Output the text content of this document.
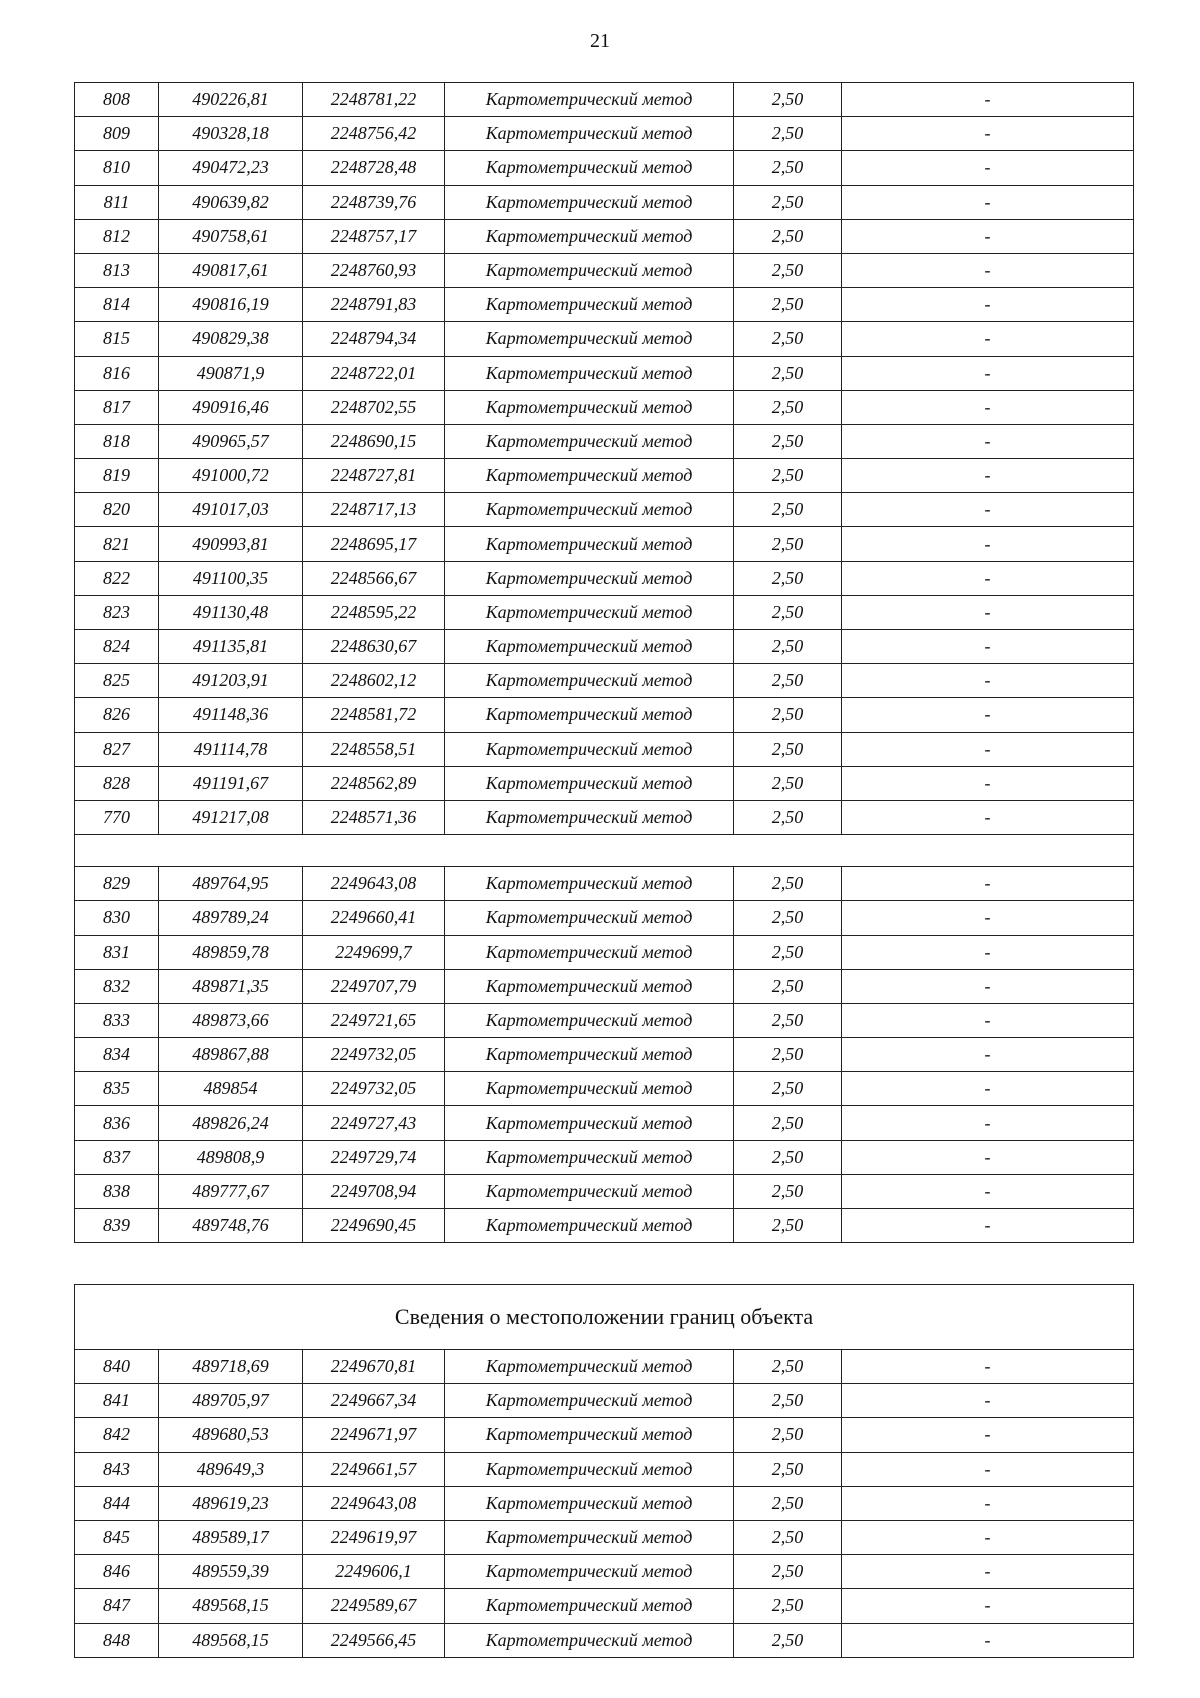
21
808	490226,81	2248781,22	Картометрический метод	2,50	-
809	490328,18	2248756,42	Картометрический метод	2,50	-
810	490472,23	2248728,48	Картометрический метод	2,50	-
811	490639,82	2248739,76	Картометрический метод	2,50	-
812	490758,61	2248757,17	Картометрический метод	2,50	-
813	490817,61	2248760,93	Картометрический метод	2,50	-
814	490816,19	2248791,83	Картометрический метод	2,50	-
815	490829,38	2248794,34	Картометрический метод	2,50	-
816	490871,9	2248722,01	Картометрический метод	2,50	-
817	490916,46	2248702,55	Картометрический метод	2,50	-
818	490965,57	2248690,15	Картометрический метод	2,50	-
819	491000,72	2248727,81	Картометрический метод	2,50	-
820	491017,03	2248717,13	Картометрический метод	2,50	-
821	490993,81	2248695,17	Картометрический метод	2,50	-
822	491100,35	2248566,67	Картометрический метод	2,50	-
823	491130,48	2248595,22	Картометрический метод	2,50	-
824	491135,81	2248630,67	Картометрический метод	2,50	-
825	491203,91	2248602,12	Картометрический метод	2,50	-
826	491148,36	2248581,72	Картометрический метод	2,50	-
827	491114,78	2248558,51	Картометрический метод	2,50	-
828	491191,67	2248562,89	Картометрический метод	2,50	-
770	491217,08	2248571,36	Картометрический метод	2,50	-

829	489764,95	2249643,08	Картометрический метод	2,50	-
830	489789,24	2249660,41	Картометрический метод	2,50	-
831	489859,78	2249699,7	Картометрический метод	2,50	-
832	489871,35	2249707,79	Картометрический метод	2,50	-
833	489873,66	2249721,65	Картометрический метод	2,50	-
834	489867,88	2249732,05	Картометрический метод	2,50	-
835	489854	2249732,05	Картометрический метод	2,50	-
836	489826,24	2249727,43	Картометрический метод	2,50	-
837	489808,9	2249729,74	Картометрический метод	2,50	-
838	489777,67	2249708,94	Картометрический метод	2,50	-
839	489748,76	2249690,45	Картометрический метод	2,50	-
Сведения о местоположении границ объекта					
840	489718,69	2249670,81	Картометрический метод	2,50	-
841	489705,97	2249667,34	Картометрический метод	2,50	-
842	489680,53	2249671,97	Картометрический метод	2,50	-
843	489649,3	2249661,57	Картометрический метод	2,50	-
844	489619,23	2249643,08	Картометрический метод	2,50	-
845	489589,17	2249619,97	Картометрический метод	2,50	-
846	489559,39	2249606,1	Картометрический метод	2,50	-
847	489568,15	2249589,67	Картометрический метод	2,50	-
848	489568,15	2249566,45	Картометрический метод	2,50	-
